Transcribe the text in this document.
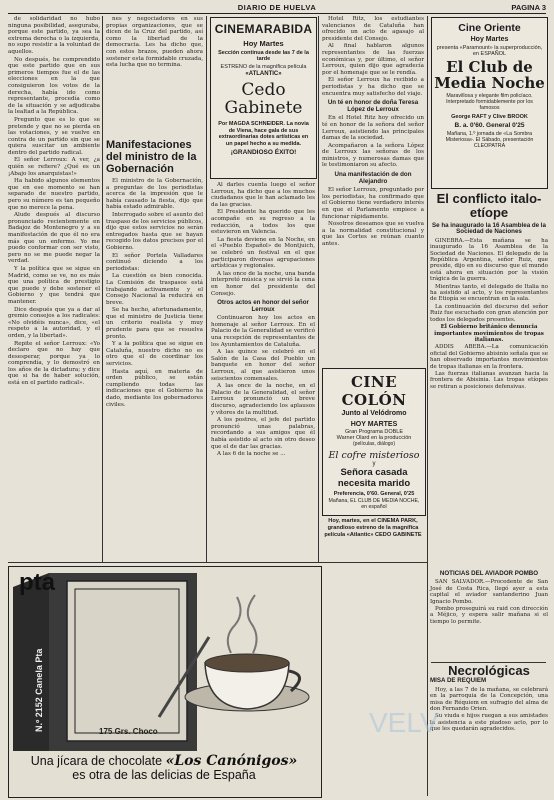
DIARIO DE HUELVA	PAGINA 3

de solidaridad no hubo ninguna posibilidad, aseguraba, porque este partido, ya sea la extrema derecha o la izquierda, no supo resistir a la voluntad de aquellos.

No después, he comprendido que este partido que en sus primeros tiempos fue el de las elecciones en la que consiguieron los votos de la derecha, había ido como representante, procedía como de la situación y se adjudicaba la lealtad a la República.

Pregunto que es lo que se pretende y que no se pierda en las votaciones, y se vuelve en contra de un partido sin que se quiera suscitar un ambiente dentro del partido radical.

El señor Lerroux: A ver, ¿a quién se refiere? ¿Qué es un ¡Abajo los anarquistas!»

Ha habido algunos elementos que en ese momento se han separado de nuestro partido, pero su número es tan pequeño que no merece la pena.

Alude después al discurso pronunciado recientemente en Badajoz de Montenegro y a su manifestación de que él no era más que un enfermo. Yo me puedo conformar con ser visto, pero no se me puede negar la verdad.

Y la política que se sigue en Madrid, como se ve, no es más que una política de prestigio que puede y debe sostener el Gobierno y que tendrá que mantener.

Dice después que ya a dar al gremio consejos a los radicales: «No olvidéis nunca», dice, «el respeto a la autoridad, y el orden, y la libertad».

Repite el señor Lerroux: «Yo declaro que no hay que desesperar, porque ya lo comprendía, y lo demostró en los años de la dictadura; y dice que si ha de haber solución, está en el partido radical».

nes y negociadores en sus propias organizaciones, que se dicen de la Cruz del partido, así como la libertad de la democracia. Les ha dicho que, con estos brazos, pueden ahora sostener esta formidable cruzada, esta lucha que no termina.

Manifestaciones del ministro de la Gobernación

El ministro de la Gobernación, a preguntas de los periodistas acerca de la impresión que le había causado la fiesta, dijo que había estado admirable.

Interrogado sobre el asunto del traspaso de los servicios públicos, dijo que estos servicios no serán entregados hasta que se hayan recogido los datos precisos por el Gobierno.

El señor Portela Valladares continuó diciendo a los periodistas:

La cuestión es bien conocida. La Comisión de traspasos está trabajando activamente y el Consejo Nacional la reducirá en breve.

Se ha hecho, afortunadamente, que el ministro de Justicia tiene un criterio realista y muy prudente para que se resuelva pronto.

Y a la política que se sigue en Cataluña, nuestro dicho no es otro que el de coordinar los servicios.

Hasta aquí, en materia de orden público, se están cumpliendo todas las indicaciones que el Gobierno ha dado, mediante los gobernadores civiles.

CINEMARABIDA
Hoy Martes
Sección continua desde las 7 de la tarde
ESTRENO de la magnífica película
«ATLANTIC»
Cedo Gabinete
Por MAGDA SCHNEIDER. La novia de Viena, hace gala de sus extraordinarias dotes artísticas en un papel hecho a su medida.
¡GRANDIOSO ÉXITO!

Al darles cuenta luego el señor Lerroux, ha dicho que a los muchos ciudadanos que le han aclamado les da las gracias.

El Presidente ha querido que les acompañe en su regreso a la redacción, a todos los que estuvieron en Valencia.

La fiesta deviene en la Noche, en el «Pueblo Español» de Montjuich, se celebró un festival en el que participaron diversas agrupaciones artísticas y regionales.

A las once de la noche, una banda interpretó música y se sirvió la cena en honor del presidente del Consejo.

Otros actos en honor del señor Lerroux

Continuaron hoy los actos en homenaje al señor Lerroux. En el Palacio de la Generalidad se verificó una recepción de representantes de los Ayuntamientos de Cataluña.

A las quince se celebró en el Salón de la Casa del Pueblo un banquete en honor del señor Lerroux, al que asistieron unos seiscientos comensales.

A las once de la noche, en el Palacio de la Generalidad, el señor Lerroux pronunció un breve discurso, agradeciendo los aplausos y vítores de la multitud.

A los postres, el jefe del partido pronunció unas palabras, recordando a sus amigos que él había asistido al acto sin otro deseo que el de dar las gracias.

A las 6 de la noche se ...

Hotel Ritz, los estudiantes valencianos de Cataluña han ofrecido un acto de agasajo al presidente del Consejo.

Al final hablaron algunos representantes de las fuerzas económicas y, por último, el señor Lerroux, quien dijo que agradecía por el homenaje que se le rendía.

El señor Lerroux ha recibido a periodistas y ha dicho que se encuentra muy satisfecho del viaje.

Un té en honor de doña Teresa López de Lerroux

En el Hotel Ritz hoy ofrecido un té en honor de la señora del señor Lerroux, asistiendo las principales damas de la sociedad.

Acompañaron a la señora López de Lerroux las señoras de los ministros, y numerosas damas que le testimoniaron su afecto.

Una manifestación de don Alejandro

El señor Lerroux, preguntado por los periodistas, ha confirmado que el Gobierno tiene verdadero interés en que el Parlamento empiece a funcionar rápidamente.

Nosotros deseamos que se vuelva a la normalidad constitucional y que las Cortes se reúnan cuanto antes.

CINE COLÓN
Junto al Velódromo
HOY MARTES
Gran Programa DOBLE
Warner Olard en la producción
(películas, diálogo)
El cofre misterioso
y
Señora casada necesita marido
Preferencia, 0'60. General, 0'25
Mañana, EL CLUB DE MEDIA NOCHE, en español
Hoy, martes, en el CINEMA PARK, grandioso estreno de la magnífica película «Atlantic» CEDO GABINETE
Cine Oriente
Hoy Martes
presenta «Paramount» la superproducción, en ESPAÑOL
El Club de Media Noche
Maravillosa y elegante film policíaco. Interpretado formidablemente por los famosos
George RAFT y Clive BROOK
B. a. 0'60. General 0'25
Mañana, 1.º jornada de «La Sombra Misteriosa». El Sábado, presentación CLEOPATRA
El conflicto italo-etíope
Se ha inaugurado la 16 Asamblea de la Sociedad de Naciones

GINEBRA.—Esta mañana se ha inaugurado la 16 Asamblea de la Sociedad de Naciones. El delegado de la República Argentina, señor Ruiz, que preside, dijo en su discurso que el mundo está ahora en situación por la visión trágica de la guerra.

Mientras tanto, el delegado de Italia no ha asistido al acto, y los representantes de Etiopía se encuentran en la sala.

La continuación del discurso del señor Ruiz fue escuchado con gran atención por todos los delegados presentes.

El Gobierno británico denuncia importantes movimientos de tropas italianas.

ADDIS ABEBA.—La comunicación oficial del Gobierno abisinio señala que se han observado importantes movimientos de tropas italianas en la frontera.

Las fuerzas italianas avanzan hacia la frontera de Abisinia. Las tropas etíopes se retiran a posiciones defensivas.

NOTICIAS DEL AVIADOR POMBO

SAN SALVADOR.—Procedente de San José de Costa Rica, llegó ayer a esta capital el aviador santanderino Juan Ignacio Pombo.

Pombo proseguirá su raid con dirección a Méjico, y espera salir mañana si el tiempo lo permite.

Necrológicas
MISA DE REQUIEM

Hoy, a las 7 de la mañana, se celebrará en la parroquia de la Concepción, una misa de Réquiem en sufragio del alma de don Fernando Orien.

Su viuda e hijos ruegan a sus amistades la asistencia a este piadoso acto, por lo que les quedarán agradecidos.

pta
N.º 2152 Canela Pta	175 Grs. Choco	VELV
Una jícara de chocolate «Los Canónigos»
es otra de las delicias de España
